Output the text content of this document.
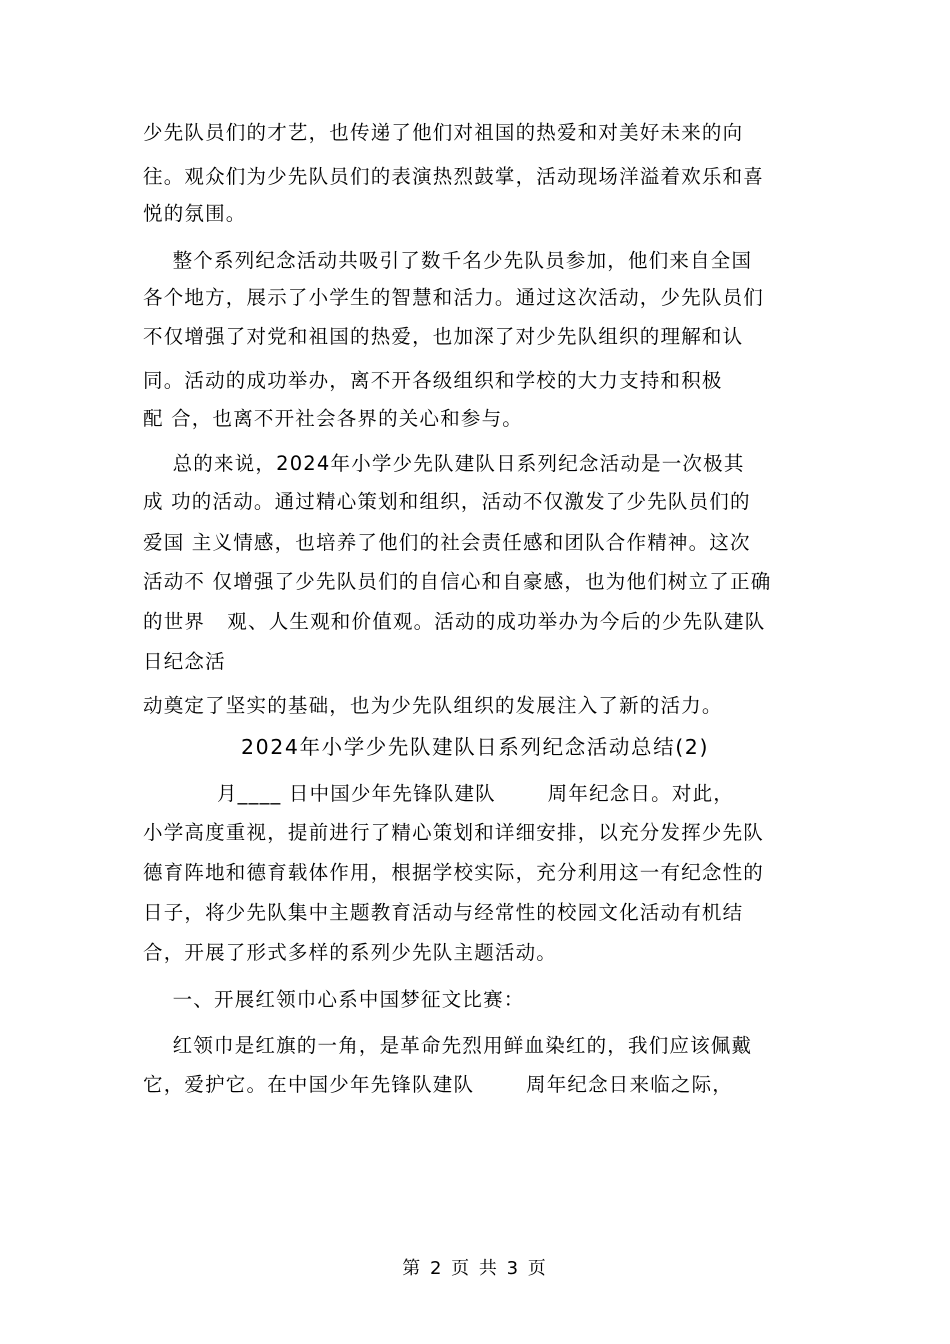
少先队员们的才艺，也传递了他们对祖国的热爱和对美好未来的向
往。观众们为少先队员们的表演热烈鼓掌，活动现场洋溢着欢乐和喜
悦的氛围。
整个系列纪念活动共吸引了数千名少先队员参加，他们来自全国
各个地方，展示了小学生的智慧和活力。通过这次活动，少先队员们
不仅增强了对党和祖国的热爱，也加深了对少先队组织的理解和认
同。活动的成功举办，离不开各级组织和学校的大力支持和积极
配 合，也离不开社会各界的关心和参与。
总的来说，2024年小学少先队建队日系列纪念活动是一次极其
成 功的活动。通过精心策划和组织，活动不仅激发了少先队员们的
爱国 主义情感，也培养了他们的社会责任感和团队合作精神。这次
活动不 仅增强了少先队员们的自信心和自豪感，也为他们树立了正确
的世界   观、人生观和价值观。活动的成功举办为今后的少先队建队
日纪念活
动奠定了坚实的基础，也为少先队组织的发展注入了新的活力。
2024年小学少先队建队日系列纪念活动总结(2)
月____ 日中国少年先锋队建队       周年纪念日。对此，
小学高度重视，提前进行了精心策划和详细安排，以充分发挥少先队
德育阵地和德育载体作用，根据学校实际，充分利用这一有纪念性的
日子，将少先队集中主题教育活动与经常性的校园文化活动有机结
合，开展了形式多样的系列少先队主题活动。
一、开展红领巾心系中国梦征文比赛：
红领巾是红旗的一角，是革命先烈用鲜血染红的，我们应该佩戴
它，爱护它。在中国少年先锋队建队       周年纪念日来临之际，
第 2 页 共 3 页
